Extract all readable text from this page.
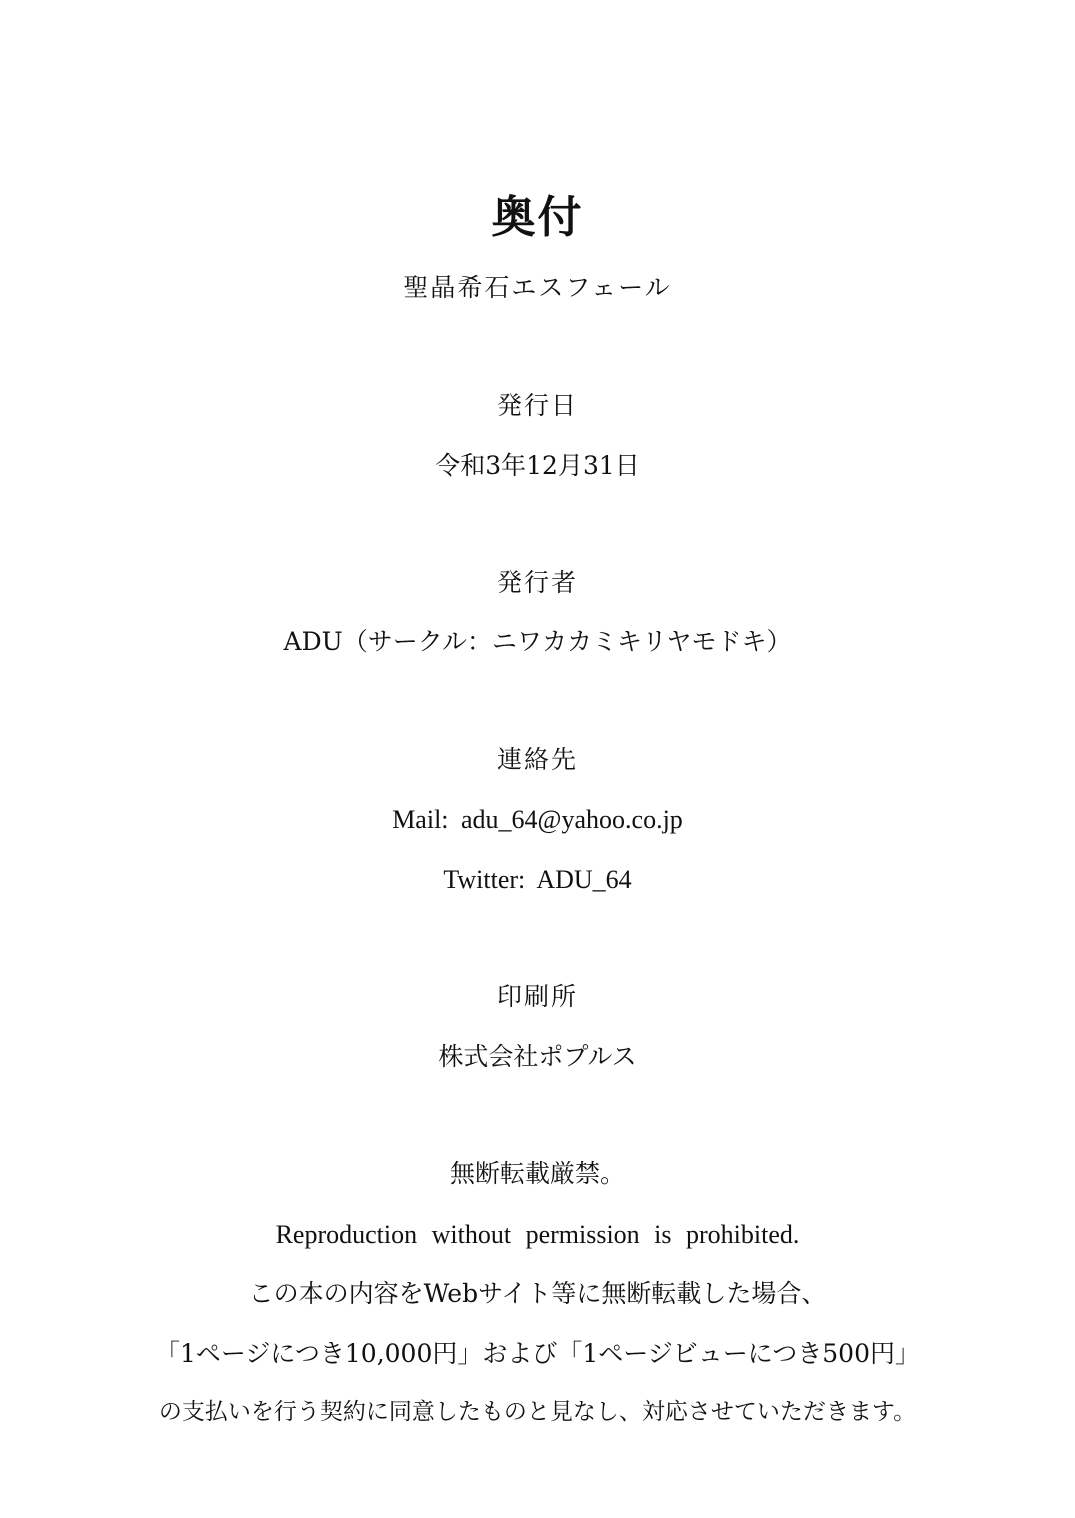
奥付
聖晶希石エスフェール
発行日
令和3年12月31日
発行者
ADU（サークル：ニワカカミキリヤモドキ）
連絡先
Mail: adu_64@yahoo.co.jp
Twitter: ADU_64
印刷所
株式会社ポプルス
無断転載厳禁。
Reproduction without permission is prohibited.
この本の内容をWebサイト等に無断転載した場合、
「1ページにつき10,000円」および「1ページビューにつき500円」
の支払いを行う契約に同意したものと見なし、対応させていただきます。
